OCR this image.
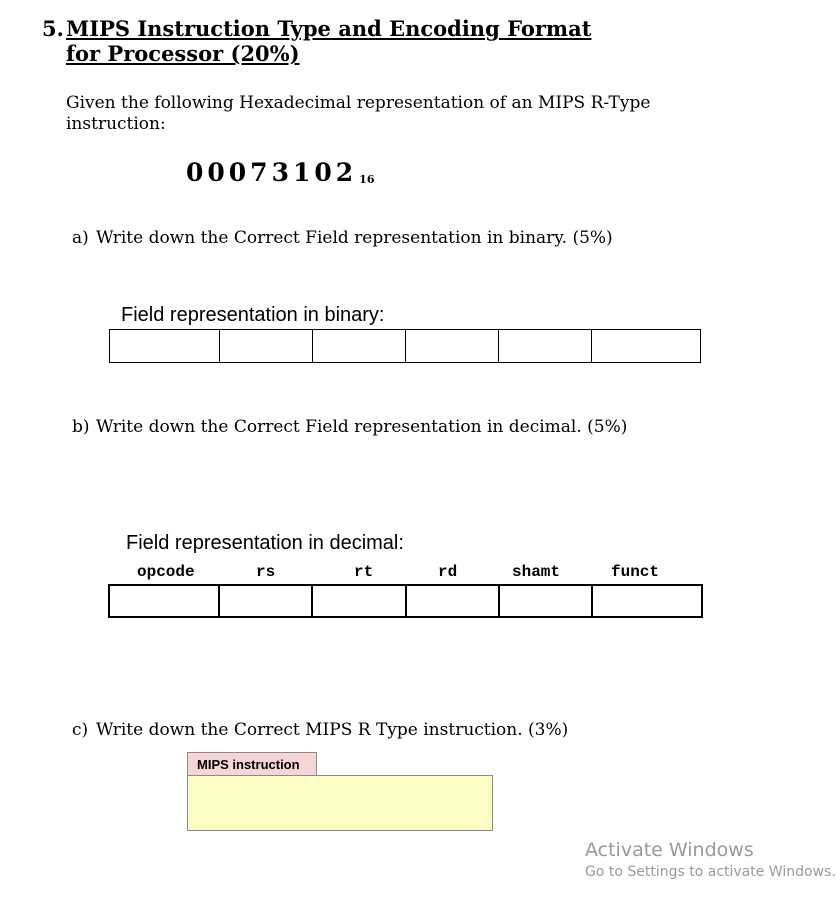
5. MIPS Instruction Type and Encoding Format for Processor (20%)
Given the following Hexadecimal representation of an MIPS R-Type instruction:
00073102 16
a) Write down the Correct Field representation in binary. (5%)
Field representation in binary:
b) Write down the Correct Field representation in decimal. (5%)
Field representation in decimal:
opcode	rs	rt	rd	shamt	funct
c) Write down the Correct MIPS R Type instruction. (3%)
MIPS instruction
Activate Windows
Go to Settings to activate Windows.
